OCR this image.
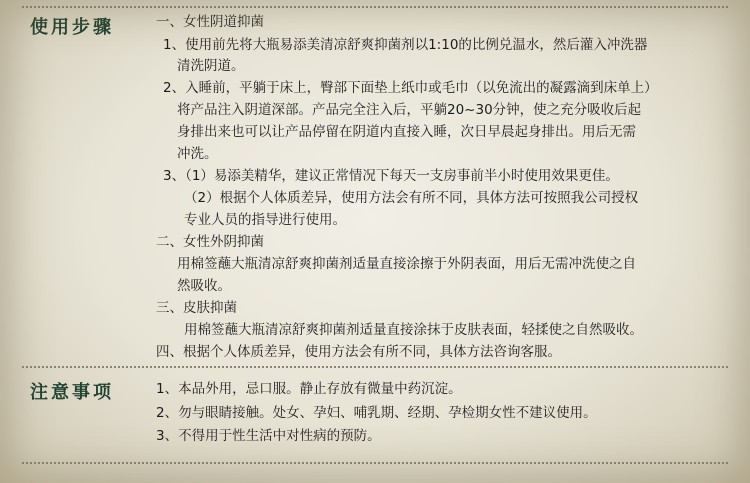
使用步骤	一、女性阴道抑菌
1、使用前先将大瓶易添美清凉舒爽抑菌剂以1:10的比例兑温水，然后灌入冲洗器
清洗阴道。
2、入睡前，平躺于床上，臀部下面垫上纸巾或毛巾（以免流出的凝露滴到床单上）
将产品注入阴道深部。产品完全注入后，平躺20~30分钟，使之充分吸收后起
身排出来也可以让产品停留在阴道内直接入睡，次日早晨起身排出。用后无需
冲洗。
3、（1）易添美精华，建议正常情况下每天一支房事前半小时使用效果更佳。
（2）根据个人体质差异，使用方法会有所不同，具体方法可按照我公司授权
专业人员的指导进行使用。
二、女性外阴抑菌
用棉签蘸大瓶清凉舒爽抑菌剂适量直接涂擦于外阴表面，用后无需冲洗使之自
然吸收。
三、皮肤抑菌
用棉签蘸大瓶清凉舒爽抑菌剂适量直接涂抹于皮肤表面，轻揉使之自然吸收。
四、根据个人体质差异，使用方法会有所不同，具体方法咨询客服。
注意事项	1、本品外用，忌口服。静止存放有微量中药沉淀。
2、勿与眼睛接触。处女、孕妇、哺乳期、经期、孕检期女性不建议使用。
3、不得用于性生活中对性病的预防。
